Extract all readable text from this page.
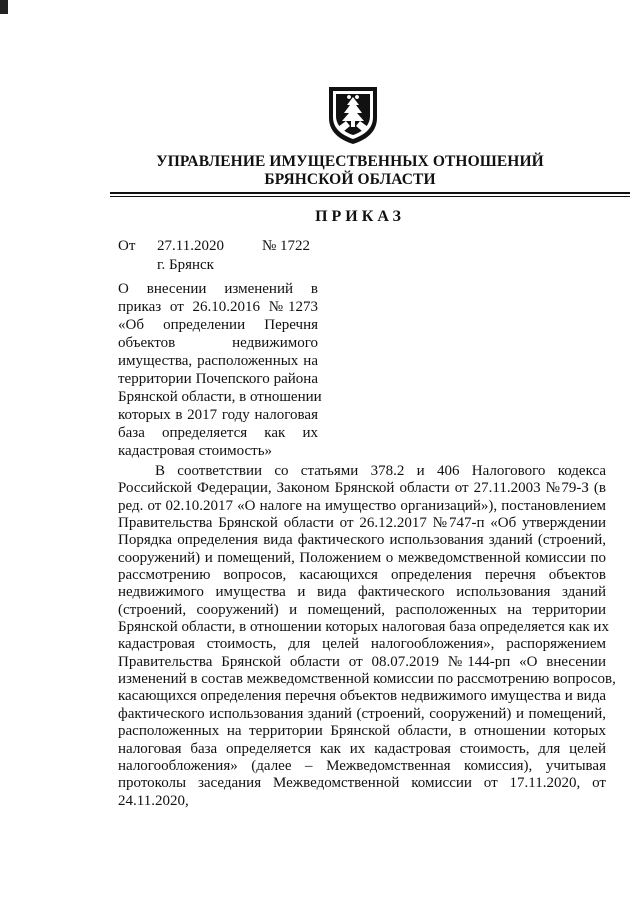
УПРАВЛЕНИЕ ИМУЩЕСТВЕННЫХ ОТНОШЕНИЙ
БРЯНСКОЙ ОБЛАСТИ
ПРИКАЗ
От 27.11.2020	№ 1722
г. Брянск
О внесении изменений в
приказ от 26.10.2016 №1273
«Об определении Перечня
объектов недвижимого
имущества, расположенных на
территории Почепского района
Брянской области, в отношении
которых в 2017 году налоговая
база определяется как их
кадастровая стоимость»
В соответствии со статьями 378.2 и 406 Налогового кодекса
Российской Федерации, Законом Брянской области от 27.11.2003 №79-З (в
ред. от 02.10.2017 «О налоге на имущество организаций»), постановлением
Правительства Брянской области от 26.12.2017 №747-п «Об утверждении
Порядка определения вида фактического использования зданий (строений,
сооружений) и помещений, Положением о межведомственной комиссии по
рассмотрению вопросов, касающихся определения перечня объектов
недвижимого имущества и вида фактического использования зданий
(строений, сооружений) и помещений, расположенных на территории
Брянской области, в отношении которых налоговая база определяется как их
кадастровая стоимость, для целей налогообложения», распоряжением
Правительства Брянской области от 08.07.2019 №144-рп «О внесении
изменений в состав межведомственной комиссии по рассмотрению вопросов,
касающихся определения перечня объектов недвижимого имущества и вида
фактического использования зданий (строений, сооружений) и помещений,
расположенных на территории Брянской области, в отношении которых
налоговая база определяется как их кадастровая стоимость, для целей
налогообложения» (далее – Межведомственная комиссия), учитывая
протоколы заседания Межведомственной комиссии от 17.11.2020, от
24.11.2020,
